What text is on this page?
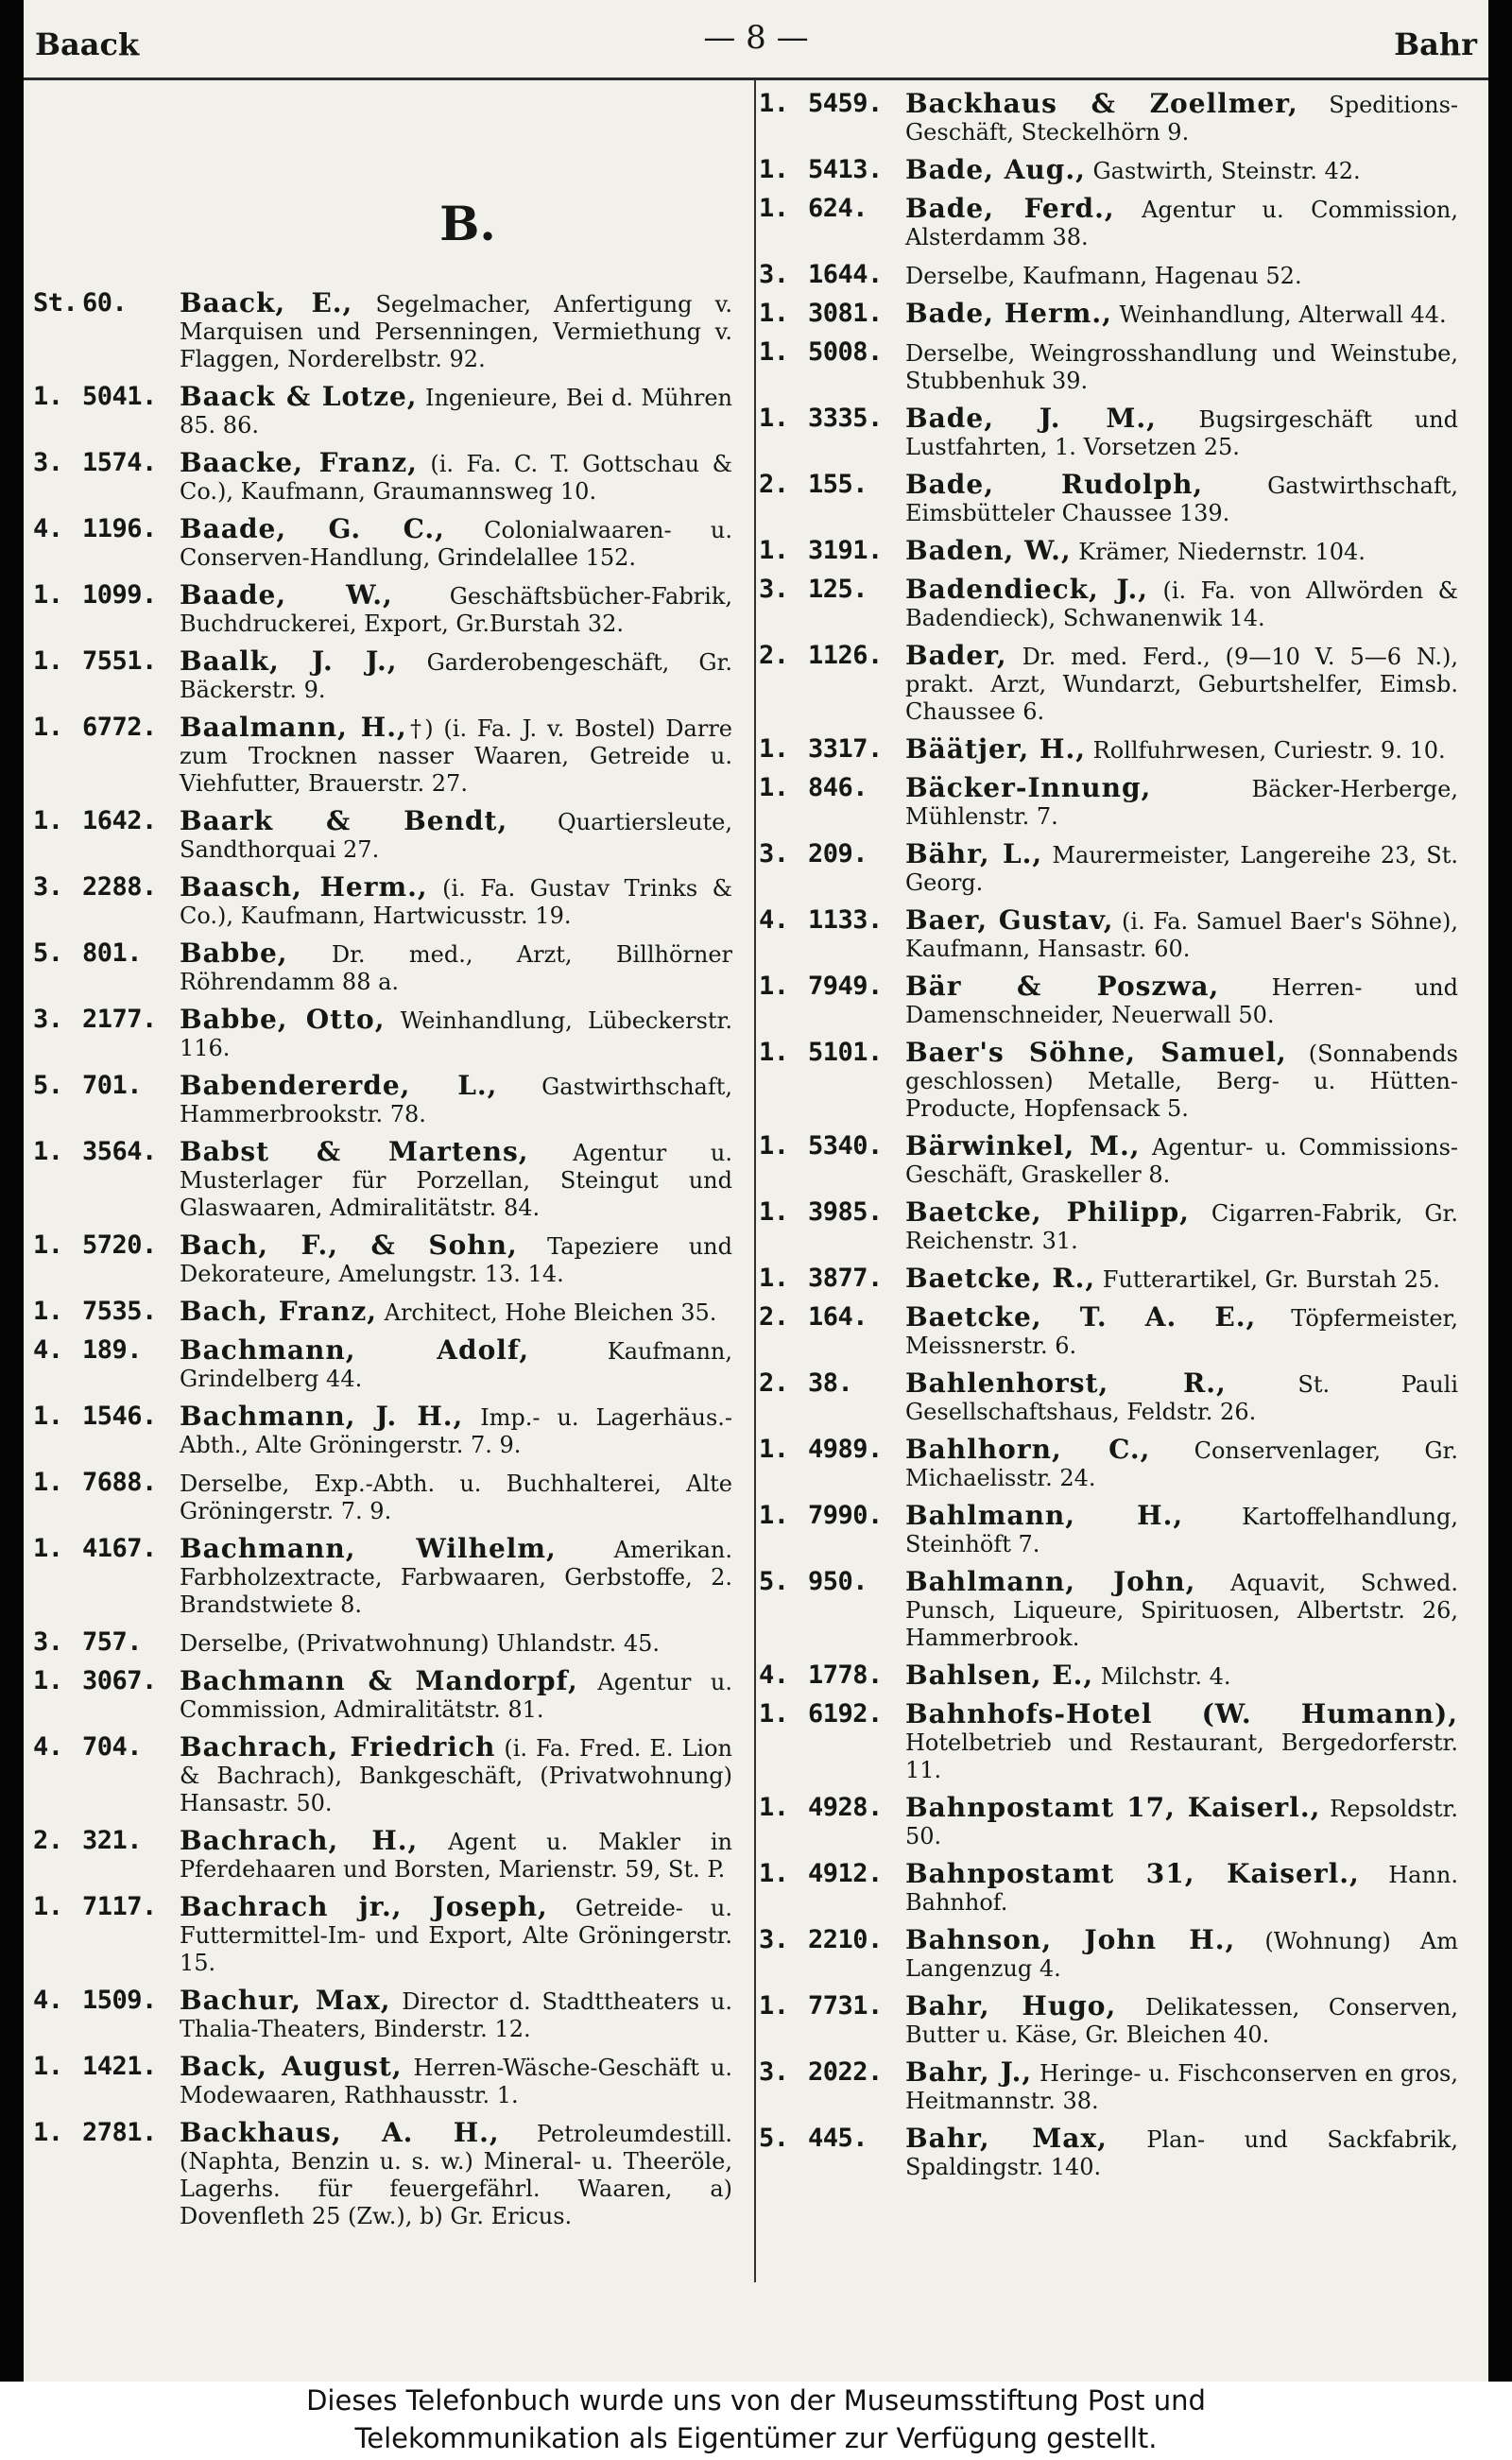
Baack	— 8 —	Bahr
B.
St. 60.	Baack, E., Segelmacher, Anfertigung v. Marquisen und Persenningen, Vermiethung v. Flaggen, Norderelbstr. 92.
1. 5041. Baack & Lotze, Ingenieure, Bei d. Mühren 85. 86.
3. 1574. Baacke, Franz, (i. Fa. C. T. Gottschau & Co.), Kaufmann, Graumannsweg 10.
4. 1196. Baade, G. C., Colonialwaaren- u. Conserven-Handlung, Grindelallee 152.
1. 1099. Baade, W., Geschäftsbücher-Fabrik, Buchdruckerei, Export, Gr.Burstah 32.
1. 7551. Baalk, J. J., Garderobengeschäft, Gr. Bäckerstr. 9.
1. 6772. Baalmann, H.,†) (i. Fa. J. v. Bostel) Darre zum Trocknen nasser Waaren, Getreide u. Viehfutter, Brauerstr. 27.
1. 1642. Baark & Bendt, Quartiersleute, Sandthorquai 27.
3. 2288. Baasch, Herm., (i. Fa. Gustav Trinks & Co.), Kaufmann, Hartwicusstr. 19.
5. 801.	Babbe, Dr. med., Arzt, Billhörner Röhrendamm 88 a.
3. 2177. Babbe, Otto, Weinhandlung, Lübeckerstr. 116.
5. 701.	Babendererde, L., Gastwirthschaft, Hammerbrookstr. 78.
1. 3564. Babst & Martens, Agentur u. Musterlager für Porzellan, Steingut und Glaswaaren, Admiralitätstr. 84.
1. 5720. Bach, F., & Sohn, Tapeziere und Dekorateure, Amelungstr. 13. 14.
1. 7535. Bach, Franz, Architect, Hohe Bleichen 35.
4. 189.	Bachmann, Adolf, Kaufmann, Grindelberg 44.
1. 1546. Bachmann, J. H., Imp.- u. Lagerhäus.-Abth., Alte Gröningerstr. 7. 9.
1. 7688.	Derselbe, Exp.-Abth. u. Buchhalterei, Alte Gröningerstr. 7. 9.
1. 4167. Bachmann, Wilhelm, Amerikan. Farbholzextracte, Farbwaaren, Gerbstoffe, 2. Brandstwiete 8.
3. 757.	Derselbe, (Privatwohnung) Uhlandstr. 45.
1. 3067. Bachmann & Mandorpf, Agentur u. Commission, Admiralitätstr. 81.
4. 704.	Bachrach, Friedrich (i. Fa. Fred. E. Lion & Bachrach), Bankgeschäft, (Privatwohnung) Hansastr. 50.
2. 321.	Bachrach, H., Agent u. Makler in Pferdehaaren und Borsten, Marienstr. 59, St. P.
1. 7117. Bachrach jr., Joseph, Getreide- u. Futtermittel-Im- und Export, Alte Gröningerstr. 15.
4. 1509. Bachur, Max, Director d. Stadttheaters u. Thalia-Theaters, Binderstr. 12.
1. 1421. Back, August, Herren-Wäsche-Geschäft u. Modewaaren, Rathhausstr. 1.
1. 2781. Backhaus, A. H., Petroleumdestill. (Naphta, Benzin u. s. w.) Mineral- u. Theeröle, Lagerhs. für feuergefährl. Waaren, a) Dovenfleth 25 (Zw.), b) Gr. Ericus.
1. 5459. Backhaus & Zoellmer, Speditions-Geschäft, Steckelhörn 9.
1. 5413. Bade, Aug., Gastwirth, Steinstr. 42.
1. 624.	Bade, Ferd., Agentur u. Commission, Alsterdamm 38.
3. 1644.	Derselbe, Kaufmann, Hagenau 52.
1. 3081. Bade, Herm., Weinhandlung, Alterwall 44.
1. 5008.	Derselbe, Weingrosshandlung und Weinstube, Stubbenhuk 39.
1. 3335. Bade, J. M., Bugsirgeschäft und Lustfahrten, 1. Vorsetzen 25.
2. 155.	Bade, Rudolph, Gastwirthschaft, Eimsbütteler Chaussee 139.
1. 3191. Baden, W., Krämer, Niedernstr. 104.
3. 125.	Badendieck, J., (i. Fa. von Allwörden & Badendieck), Schwanenwik 14.
2. 1126. Bader, Dr. med. Ferd., (9—10 V. 5—6 N.), prakt. Arzt, Wundarzt, Geburtshelfer, Eimsb. Chaussee 6.
1. 3317. Bäätjer, H., Rollfuhrwesen, Curiestr. 9. 10.
1. 846.	Bäcker-Innung, Bäcker-Herberge, Mühlenstr. 7.
3. 209.	Bähr, L., Maurermeister, Langereihe 23, St. Georg.
4. 1133. Baer, Gustav, (i. Fa. Samuel Baer's Söhne), Kaufmann, Hansastr. 60.
1. 7949. Bär & Poszwa, Herren- und Damenschneider, Neuerwall 50.
1. 5101. Baer's Söhne, Samuel, (Sonnabends geschlossen) Metalle, Berg- u. Hütten-Producte, Hopfensack 5.
1. 5340. Bärwinkel, M., Agentur- u. Commissions-Geschäft, Graskeller 8.
1. 3985. Baetcke, Philipp, Cigarren-Fabrik, Gr. Reichenstr. 31.
1. 3877. Baetcke, R., Futterartikel, Gr. Burstah 25.
2. 164.	Baetcke, T. A. E., Töpfermeister, Meissnerstr. 6.
2. 38.	Bahlenhorst, R., St. Pauli Gesellschaftshaus, Feldstr. 26.
1. 4989. Bahlhorn, C., Conservenlager, Gr. Michaelisstr. 24.
1. 7990. Bahlmann, H., Kartoffelhandlung, Steinhöft 7.
5. 950.	Bahlmann, John, Aquavit, Schwed. Punsch, Liqueure, Spirituosen, Albertstr. 26, Hammerbrook.
4. 1778. Bahlsen, E., Milchstr. 4.
1. 6192. Bahnhofs-Hotel (W. Humann), Hotelbetrieb und Restaurant, Bergedorferstr. 11.
1. 4928. Bahnpostamt 17, Kaiserl., Repsoldstr. 50.
1. 4912. Bahnpostamt 31, Kaiserl., Hann. Bahnhof.
3. 2210. Bahnson, John H., (Wohnung) Am Langenzug 4.
1. 7731. Bahr, Hugo, Delikatessen, Conserven, Butter u. Käse, Gr. Bleichen 40.
3. 2022. Bahr, J., Heringe- u. Fischconserven en gros, Heitmannstr. 38.
5. 445.	Bahr, Max, Plan- und Sackfabrik, Spaldingstr. 140.
Dieses Telefonbuch wurde uns von der Museumsstiftung Post und
Telekommunikation als Eigentümer zur Verfügung gestellt.
